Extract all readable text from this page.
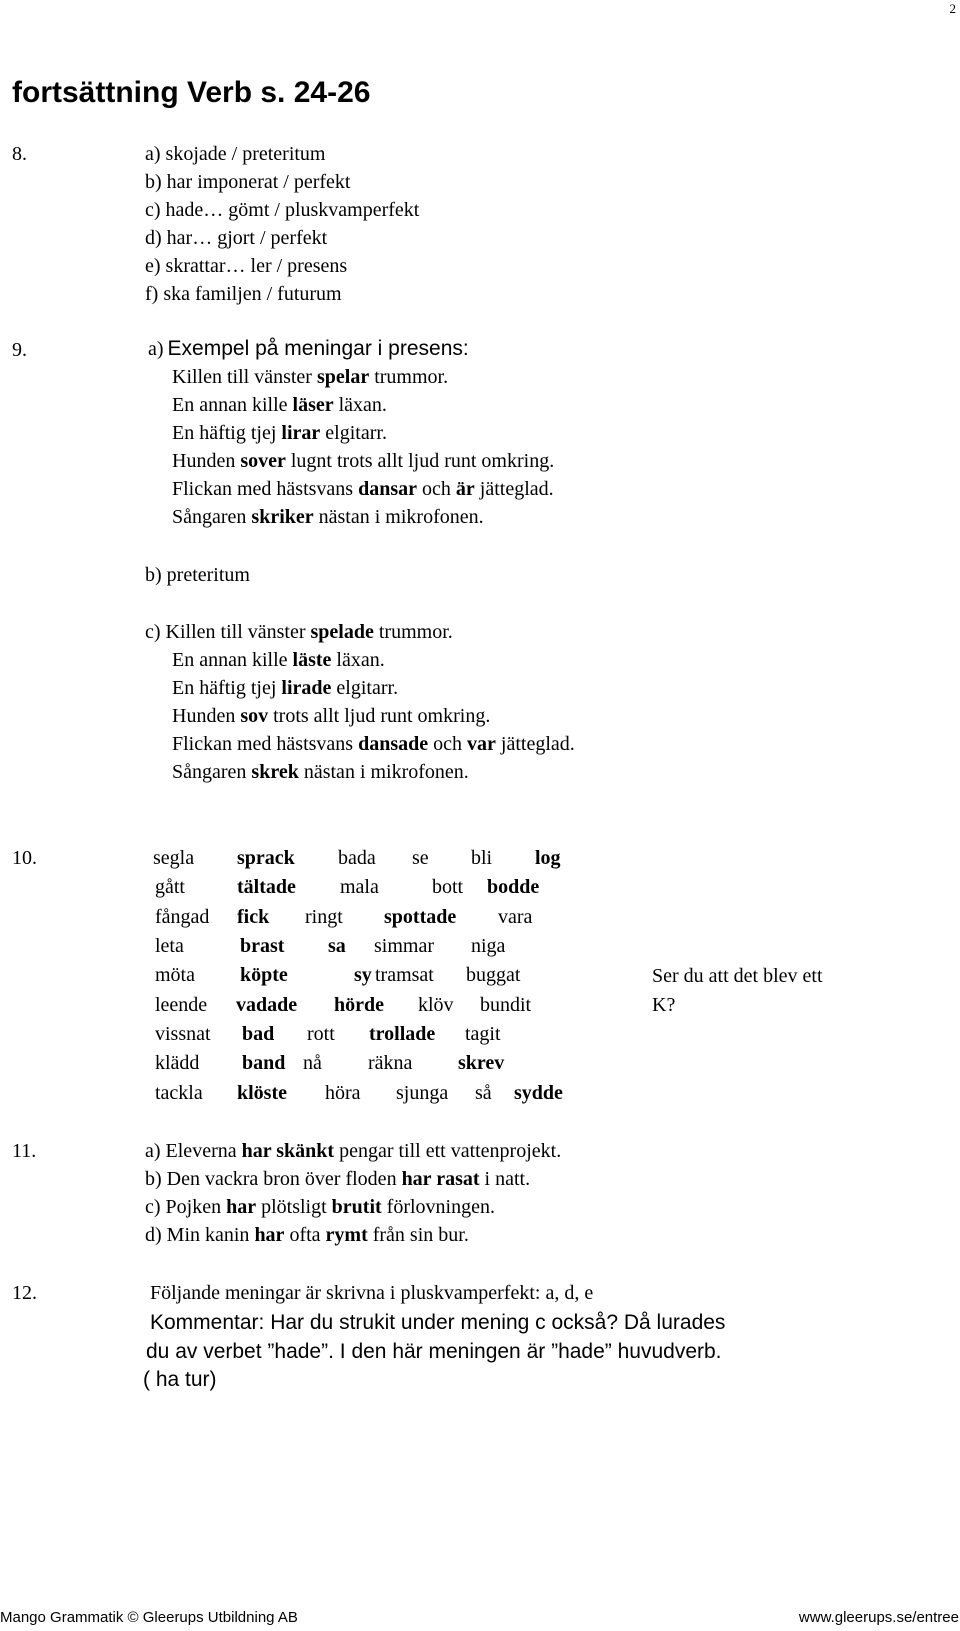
2
fortsättning Verb s. 24-26
8.	a) skojade / preteritum
b) har imponerat / perfekt
c) hade… gömt / pluskvamperfekt
d) har… gjort / perfekt
e) skrattar… ler / presens
f) ska familjen / futurum
9.	a) Exempel på meningar i presens:
Killen till vänster spelar trummor.
En annan kille läser läxan.
En häftig tjej lirar elgitarr.
Hunden sover lugnt trots allt ljud runt omkring.
Flickan med hästsvans dansar och är jätteglad.
Sångaren skriker nästan i mikrofonen.
b) preteritum
c) Killen till vänster spelade trummor.
En annan kille läste läxan.
En häftig tjej lirade elgitarr.
Hunden sov trots allt ljud runt omkring.
Flickan med hästsvans dansade och var jätteglad.
Sångaren skrek nästan i mikrofonen.
10.	segla sprack bada se bli log
gått	tältade mala	bott bodde
fångad fick ringt spottade vara
leta	brast sa simmar niga
möta köpte	sy tramsat buggat
leende vadade hörde klöv bundit
vissnat bad rott trollade tagit
klädd band nå räkna skrev
tackla klöste höra sjunga så sydde
Ser du att det blev ett
K?
11.	a) Eleverna har skänkt pengar till ett vattenprojekt.
b) Den vackra bron över floden har rasat i natt.
c) Pojken har plötsligt brutit förlovningen.
d) Min kanin har ofta rymt från sin bur.
12.	Följande meningar är skrivna i pluskvamperfekt: a, d, e
Kommentar: Har du strukit under mening c också? Då lurades
du av verbet ”hade”. I den här meningen är ”hade” huvudverb.
( ha tur)
Mango Grammatik © Gleerups Utbildning AB	www.gleerups.se/entree
